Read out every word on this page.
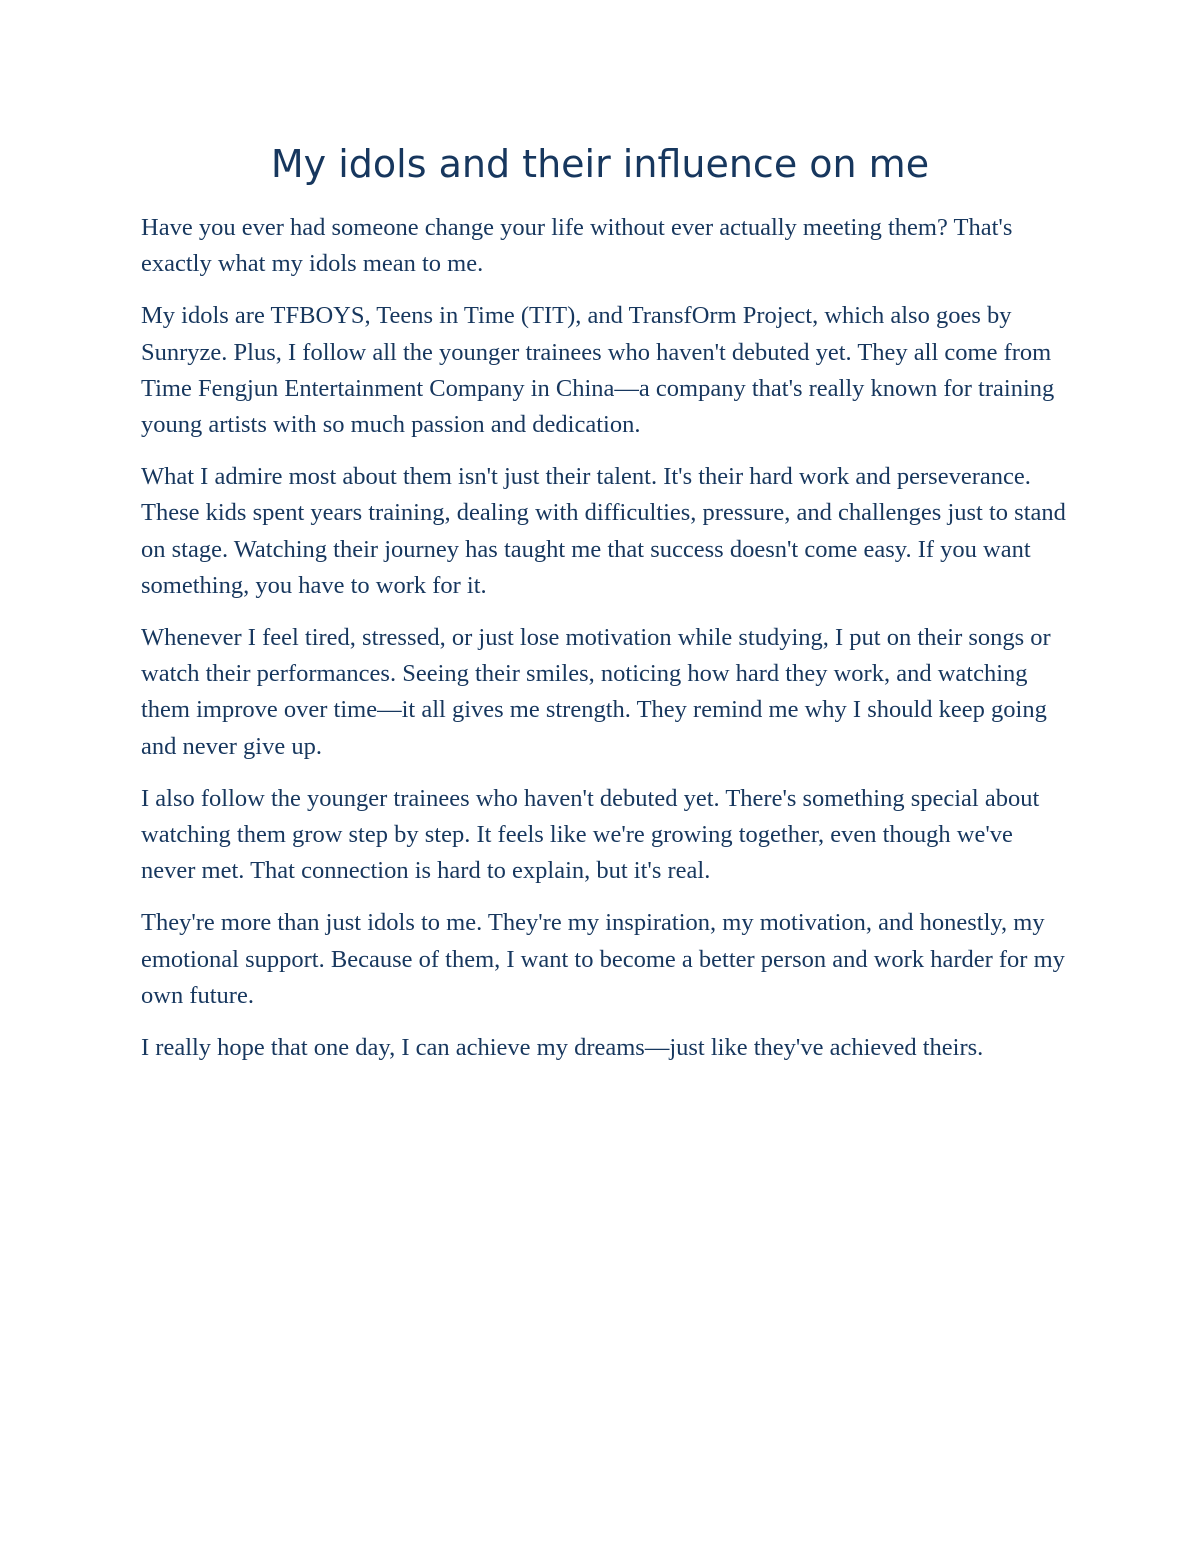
My idols and their influence on me

Have you ever had someone change your life without ever actually meeting them? That's exactly what my idols mean to me.

My idols are TFBOYS, Teens in Time (TIT), and TransfOrm Project, which also goes by Sunryze. Plus, I follow all the younger trainees who haven't debuted yet. They all come from Time Fengjun Entertainment Company in China—a company that's really known for training young artists with so much passion and dedication.

What I admire most about them isn't just their talent. It's their hard work and perseverance. These kids spent years training, dealing with difficulties, pressure, and challenges just to stand on stage. Watching their journey has taught me that success doesn't come easy. If you want something, you have to work for it.

Whenever I feel tired, stressed, or just lose motivation while studying, I put on their songs or watch their performances. Seeing their smiles, noticing how hard they work, and watching them improve over time—it all gives me strength. They remind me why I should keep going and never give up.

I also follow the younger trainees who haven't debuted yet. There's something special about watching them grow step by step. It feels like we're growing together, even though we've never met. That connection is hard to explain, but it's real.

They're more than just idols to me. They're my inspiration, my motivation, and honestly, my emotional support. Because of them, I want to become a better person and work harder for my own future.

I really hope that one day, I can achieve my dreams—just like they've achieved theirs.
